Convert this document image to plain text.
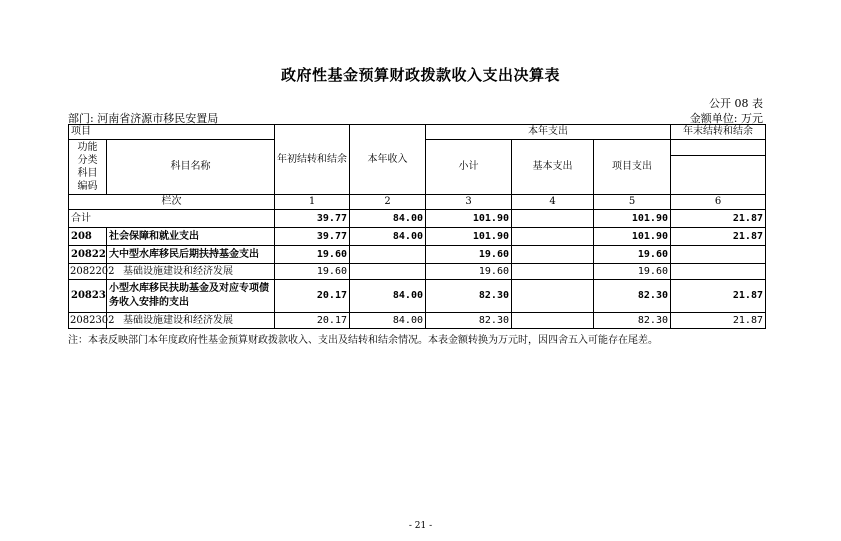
政府性基金预算财政拨款收入支出决算表
公开 08 表
部门: 河南省济源市移民安置局	金额单位: 万元
项目		年初结转和结余	本年收入	本年支出			年末结转和结余
功能分类科目编码	科目名称			小计	基本支出	项目支出	

栏次		1	2	3	4	5	6
合计		39.77	84.00	101.90		101.90	21.87
208	社会保障和就业支出	39.77	84.00	101.90		101.90	21.87
20822	大中型水库移民后期扶持基金支出	19.60		19.60		19.60	
2082202	基础设施建设和经济发展	19.60		19.60		19.60	
20823	小型水库移民扶助基金及对应专项债务收入安排的支出	20.17	84.00	82.30		82.30	21.87
2082302	基础设施建设和经济发展	20.17	84.00	82.30		82.30	21.87
注：本表反映部门本年度政府性基金预算财政拨款收入、支出及结转和结余情况。本表金额转换为万元时，因四舍五入可能存在尾差。
- 21 -
